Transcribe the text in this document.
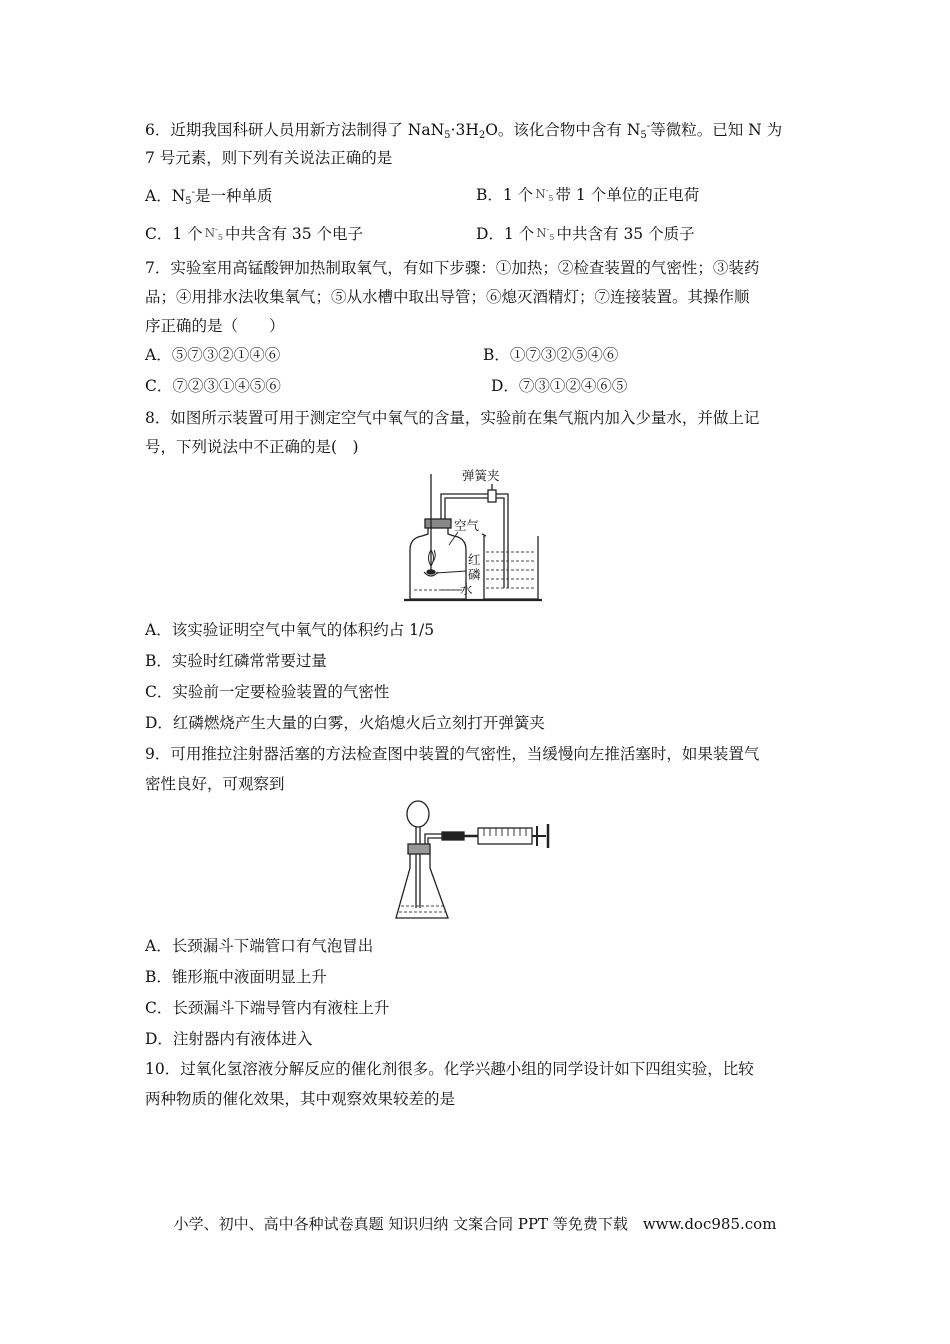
6．近期我国科研人员用新方法制得了 $NaN_5\cdot 3H_2O$。该化合物中含有 $N_5^-$等微粒。已知 N 为
7 号元素，则下列有关说法正确的是
A．$N_5^-$是一种单质	B．1 个 $N^-_5$ 带 1 个单位的正电荷
C．1 个 $N^-_5$ 中共含有 35 个电子	D．1 个 $N^-_5$ 中共含有 35 个质子
7．实验室用高锰酸钾加热制取氧气，有如下步骤：①加热；②检查装置的气密性；③装药
品；④用排水法收集氧气；⑤从水槽中取出导管；⑥熄灭酒精灯；⑦连接装置。其操作顺
序正确的是（　　）
A．⑤⑦③②①④⑥	B．①⑦③②⑤④⑥
C．⑦②③①④⑤⑥	D．⑦③①②④⑥⑤
8．如图所示装置可用于测定空气中氧气的含量，实验前在集气瓶内加入少量水，并做上记
号，下列说法中不正确的是(　)
弹簧夹
空气
红
磷
水
A．该实验证明空气中氧气的体积约占 1/5
B．实验时红磷常常要过量
C．实验前一定要检验装置的气密性
D．红磷燃烧产生大量的白雾，火焰熄火后立刻打开弹簧夹
9．可用推拉注射器活塞的方法检查图中装置的气密性，当缓慢向左推活塞时，如果装置气
密性良好，可观察到
A．长颈漏斗下端管口有气泡冒出
B．锥形瓶中液面明显上升
C．长颈漏斗下端导管内有液柱上升
D．注射器内有液体进入
10．过氧化氢溶液分解反应的催化剂很多。化学兴趣小组的同学设计如下四组实验，比较
两种物质的催化效果，其中观察效果较差的是
小学、初中、高中各种试卷真题 知识归纳 文案合同 PPT 等免费下载　www.doc985.com
